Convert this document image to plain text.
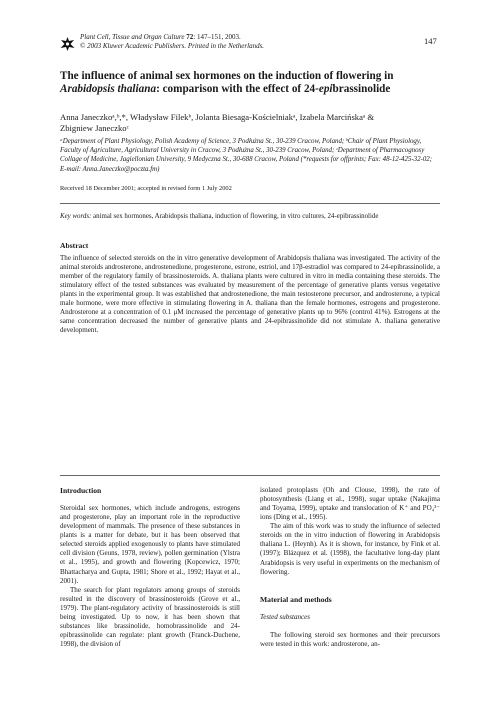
Plant Cell, Tissue and Organ Culture 72: 147–151, 2003.
© 2003 Kluwer Academic Publishers. Printed in the Netherlands.	147
The influence of animal sex hormones on the induction of flowering in
Arabidopsis thaliana: comparison with the effect of 24-epibrassinolide
Anna Janeczkoᵃ,ᵇ,*, Władysław Filekᵇ, Jolanta Biesaga-Kościelniakᵃ, Izabela Marcińskaᵃ &
Zbigniew Janeczkoᶜ
ᵃDepartment of Plant Physiology, Polish Academy of Science, 3 Podłużna St., 30-239 Cracow, Poland; ᵇChair of Plant Physiology, Faculty of Agriculture, Agricultural University in Cracow, 3 Podłużna St., 30-239 Cracow, Poland; ᶜDepartment of Pharmacognosy Collage of Medicine, Jagiellonian University, 9 Medyczna St., 30-688 Cracow, Poland (*requests for offprints; Fax: 48-12-425-32-02; E-mail: Anna.Janeczko@poczta.fm)
Received 18 December 2001; accepted in revised form 1 July 2002
Key words: animal sex hormones, Arabidopsis thaliana, induction of flowering, in vitro cultures, 24-epibrassinolide
Abstract
The influence of selected steroids on the in vitro generative development of Arabidopsis thaliana was investigated. The activity of the animal steroids androsterone, androstenedione, progesterone, estrone, estriol, and 17β-estradiol was compared to 24-epibrassinolide, a member of the regulatory family of brassinosteroids. A. thaliana plants were cultured in vitro in media containing these steroids. The stimulatory effect of the tested substances was evaluated by measurement of the percentage of generative plants versus vegetative plants in the experimental group. It was established that androstenedione, the main testosterone precursor, and androsterone, a typical male hormone, were more effective in stimulating flowering in A. thaliana than the female hormones, estrogens and progesterone. Androsterone at a concentration of 0.1 μM increased the percentage of generative plants up to 96% (control 41%). Estrogens at the same concentration decreased the number of generative plants and 24-epibrassinolide did not stimulate A. thaliana generative development.

Introduction

Steroidal sex hormones, which include androgens, estrogens and progesterone, play an important role in the reproductive development of mammals. The presence of these substances in plants is a matter for debate, but it has been observed that selected steroids applied exogenously to plants have stimulated cell division (Geuns, 1978, review), pollen germination (Ylstra et al., 1995), and growth and flowering (Kopcewicz, 1970; Bhattacharya and Gupta, 1981; Shore et al., 1992; Hayat et al., 2001).

The search for plant regulators among groups of steroids resulted in the discovery of brassinosteroids (Grove et al., 1979). The plant-regulatory activity of brassinosteroids is still being investigated. Up to now, it has been shown that substances like brassinolide, homobrassinolide and 24-epibrassinolide can regulate: plant growth (Franck-Duchene, 1998), the division of

isolated protoplasts (Oh and Clouse, 1998), the rate of photosynthesis (Liang et al., 1998), sugar uptake (Nakajima and Toyama, 1999), uptake and translocation of K⁺ and PO₄³⁻ ions (Ding et al., 1995).

The aim of this work was to study the influence of selected steroids on the in vitro induction of flowering in Arabidopsis thaliana L. (Heynh). As it is shown, for instance, by Fink et al. (1997); Blázquez et al. (1998), the facultative long-day plant Arabidopsis is very useful in experiments on the mechanism of flowering.

Material and methods

Tested substances

The following steroid sex hormones and their precursors were tested in this work: androsterone, an-
